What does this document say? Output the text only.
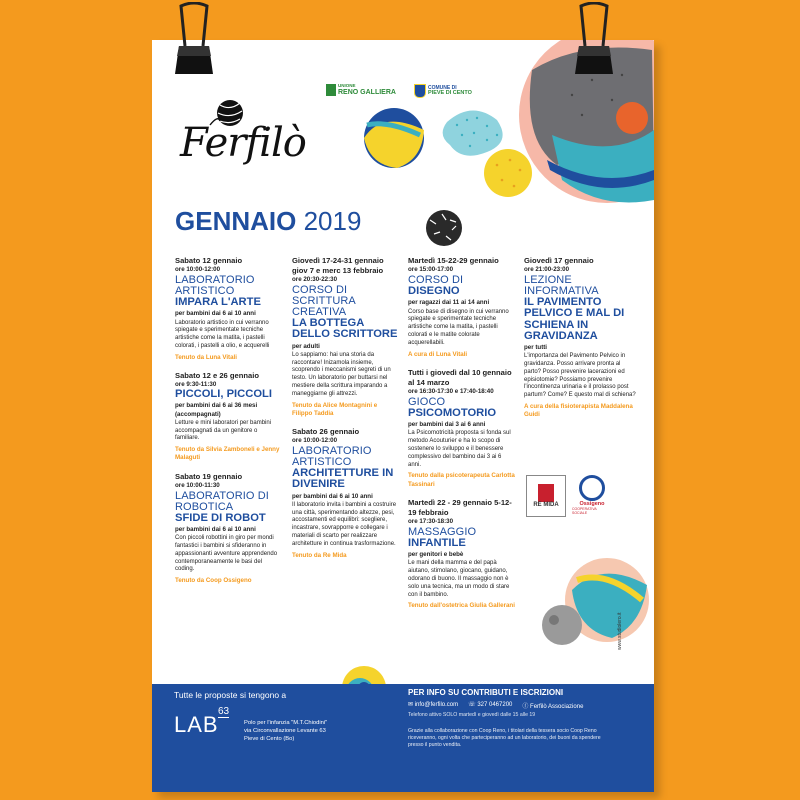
UNIONE
RENO GALLIERA
COMUNE DI
PIEVE DI CENTO
Ferfilò
GENNAIO 2019
Sabato 12 gennaio
ore 10:00-12:00
LABORATORIO ARTISTICO
IMPARA L'ARTE
per bambini dai 6 ai 10 anni
Laboratorio artistico in cui verranno spiegate e sperimentate tecniche artistiche come la matita, i pastelli colorati, i pastelli a olio, e acquerelli
Tenuto da Luna Vitali
Sabato 12 e 26 gennaio
ore 9:30-11:30
PICCOLI, PICCOLI
per bambini dai 6 ai 36 mesi (accompagnati)
Letture e mini laboratori per bambini accompagnati da un genitore o familiare.
Tenuto da Silvia Zamboneli e Jenny Malaguti
Sabato 19 gennaio
ore 10:00-11:30
LABORATORIO DI ROBOTICA
SFIDE DI ROBOT
per bambini dai 6 ai 10 anni
Con piccoli robottini in giro per mondi fantastici i bambini si sfideranno in appassionanti avventure apprendendo contemporaneamente le basi del coding.
Tenuto da Coop Ossigeno
Giovedì 17-24-31 gennaio giov 7 e merc 13 febbraio
ore 20:30-22:30
CORSO DI SCRITTURA CREATIVA
LA BOTTEGA DELLO SCRITTORE
per adulti
Lo sappiamo: hai una storia da raccontare! Inizamola insieme, scoprendo i meccanismi segreti di un testo. Un laboratorio per buttarsi nel mestiere della scrittura imparando a maneggiarne gli attrezzi.
Tenuto da Alice Montagnini e Filippo Taddia
Sabato 26 gennaio
ore 10:00-12:00
LABORATORIO ARTISTICO
ARCHITETTURE IN DIVENIRE
per bambini dai 6 ai 10 anni
Il laboratorio invita i bambini a costruire una città, sperimentando altezze, pesi, accostamenti ed equilibri: scegliere, incastrare, sovrapporre e collegare i materiali di scarto per realizzare architetture in continua trasformazione.
Tenuto da Re Mida
Martedì 15-22-29 gennaio
ore 15:00-17:00
CORSO DI
DISEGNO
per ragazzi dai 11 ai 14 anni
Corso base di disegno in cui verranno spiegate e sperimentate tecniche artistiche come la matita, i pastelli colorati e le matite colorate acquerellabili.
A cura di Luna Vitali
Tutti i giovedì dal 10 gennaio al 14 marzo
ore 16:30-17:30 e 17:40-18:40
GIOCO
PSICOMOTORIO
per bambini dai 3 ai 6 anni
La Psicomotricità proposta si fonda sul metodo Acouturier e ha lo scopo di sostenere lo sviluppo e il benessere complessivo del bambino dai 3 ai 6 anni.
Tenuto dalla psicoterapeuta Carlotta Tassinari
Martedì 22 - 29 gennaio 5-12-19 febbraio
ore 17:30-18:30
MASSAGGIO
INFANTILE
per genitori e bebè
Le mani della mamma e del papà aiutano, stimolano, giocano, guidano, odorano di buono. Il massaggio non è solo una tecnica, ma un modo di stare con il bambino.
Tenuto dall'ostetrica Giulia Gallerani
Giovedì 17 gennaio
ore 21:00-23:00
LEZIONE INFORMATIVA
IL PAVIMENTO PELVICO E MAL DI SCHIENA IN GRAVIDANZA
per tutti
L'importanza del Pavimento Pelvico in gravidanza. Posso arrivare pronta al parto? Posso prevenire lacerazioni ed episiotomie? Possiamo prevenire l'incontinenza urinaria e il prolasso post partum? Come? E questo mal di schiena?
A cura della fisioterapista Maddalena Guidi
RE MIDA	Ossigeno
COOPERATIVA SOCIALE
www.studiolero.it
Tutte le proposte si tengono a
LAB
63
Polo per l'infanzia "M.T.Chiodini"
via Circonvallazione Levante 63
Pieve di Cento (Bo)
PER INFO SU CONTRIBUTI E ISCRIZIONI
✉ info@ferfilo.com ☏ 327 0467200 ⓕ Ferfilò Associazione
Telefono attivo SOLO martedì e giovedì dalle 15 alle 19
Grazie alla collaborazione con Coop Reno, i titolari della tessera socio Coop Reno riceveranno, ogni volta che parteciperanno ad un laboratorio, dei buoni da spendere presso il punto vendita.
